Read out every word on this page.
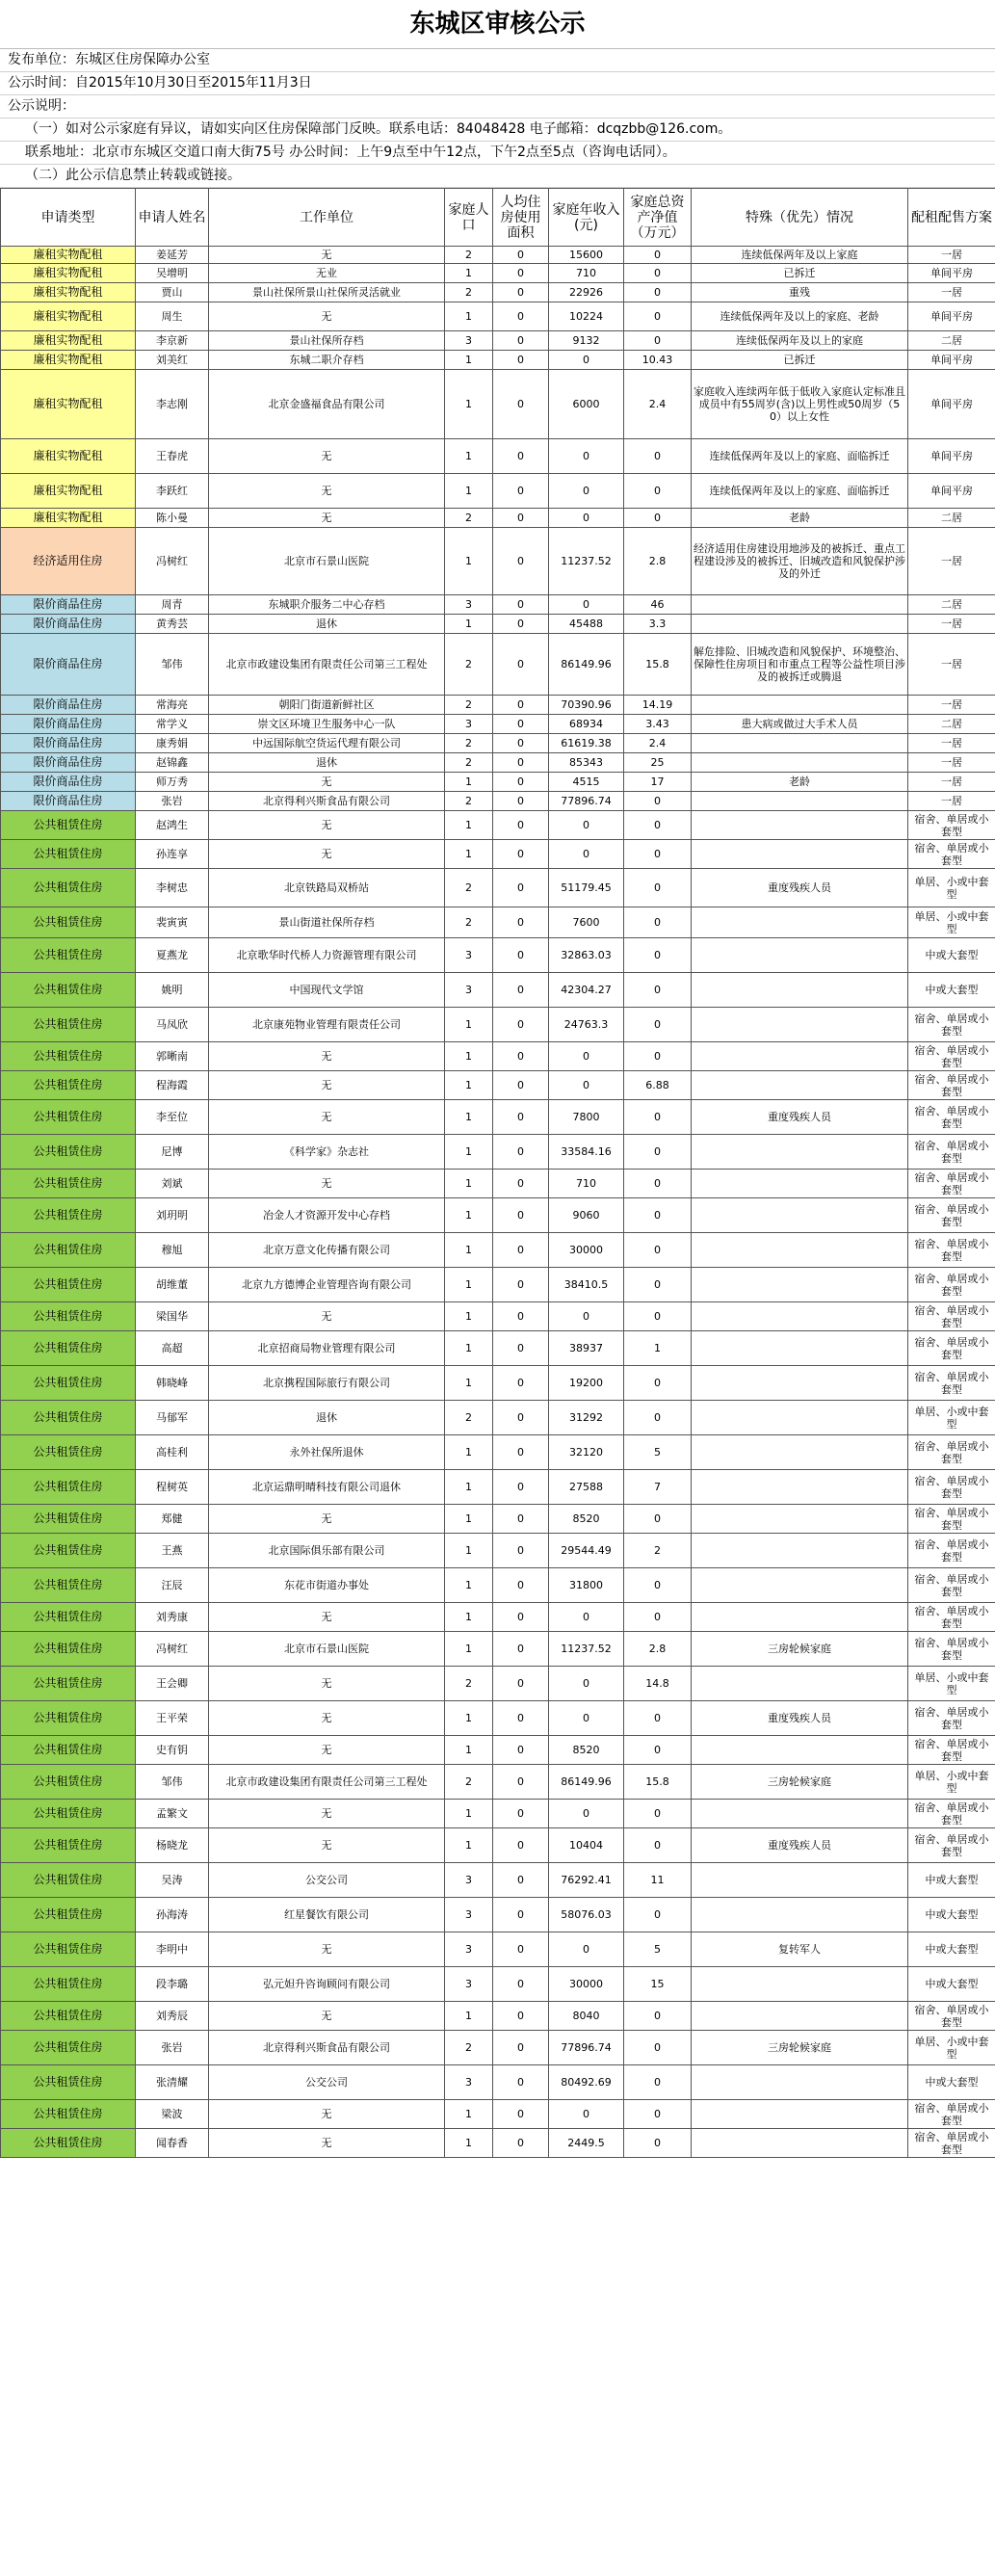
东城区审核公示
发布单位：东城区住房保障办公室
公示时间：自2015年10月30日至2015年11月3日
公示说明：
（一）如对公示家庭有异议，请如实向区住房保障部门反映。联系电话：84048428 电子邮箱：dcqzbb@126.com。
联系地址：北京市东城区交道口南大街75号 办公时间：上午9点至中午12点，下午2点至5点（咨询电话同）。
（二）此公示信息禁止转载或链接。
申请类型	申请人姓名	工作单位	家庭人口	人均住房使用面积	家庭年收入(元)	家庭总资产净值（万元）	特殊（优先）情况	配租配售方案
廉租实物配租	姜延芳	无	2	0	15600	0	连续低保两年及以上家庭	一居
廉租实物配租	吴增明	无业	1	0	710	0	已拆迁	单间平房
廉租实物配租	贾山	景山社保所景山社保所灵活就业	2	0	22926	0	重残	一居
廉租实物配租	周生	无	1	0	10224	0	连续低保两年及以上的家庭、老龄	单间平房
廉租实物配租	李京新	景山社保所存档	3	0	9132	0	连续低保两年及以上的家庭	二居
廉租实物配租	刘美红	东城二职介存档	1	0	0	10.43	已拆迁	单间平房
廉租实物配租	李志刚	北京金盛福食品有限公司	1	0	6000	2.4	家庭收入连续两年低于低收入家庭认定标准且成员中有55周岁(含)以上男性或50周岁（50）以上女性	单间平房
廉租实物配租	王春虎	无	1	0	0	0	连续低保两年及以上的家庭、面临拆迁	单间平房
廉租实物配租	李跃红	无	1	0	0	0	连续低保两年及以上的家庭、面临拆迁	单间平房
廉租实物配租	陈小曼	无	2	0	0	0	老龄	二居
经济适用住房	冯树红	北京市石景山医院	1	0	11237.52	2.8	经济适用住房建设用地涉及的被拆迁、重点工程建设涉及的被拆迁、旧城改造和风貌保护涉及的外迁	一居
限价商品住房	周青	东城职介服务二中心存档	3	0	0	46		二居
限价商品住房	黄秀芸	退休	1	0	45488	3.3		一居
限价商品住房	邹伟	北京市政建设集团有限责任公司第三工程处	2	0	86149.96	15.8	解危排险、旧城改造和风貌保护、环境整治、保障性住房项目和市重点工程等公益性项目涉及的被拆迁或腾退	一居
限价商品住房	常海亮	朝阳门街道新鲜社区	2	0	70390.96	14.19		一居
限价商品住房	常学义	崇文区环境卫生服务中心一队	3	0	68934	3.43	患大病或做过大手术人员	二居
限价商品住房	康秀娟	中远国际航空货运代理有限公司	2	0	61619.38	2.4		一居
限价商品住房	赵锦鑫	退休	2	0	85343	25		一居
限价商品住房	师万秀	无	1	0	4515	17	老龄	一居
限价商品住房	张岩	北京得利兴斯食品有限公司	2	0	77896.74	0		一居
公共租赁住房	赵鸿生	无	1	0	0	0		宿舍、单居或小套型
公共租赁住房	孙连享	无	1	0	0	0		宿舍、单居或小套型
公共租赁住房	李树忠	北京铁路局双桥站	2	0	51179.45	0	重度残疾人员	单居、小或中套型
公共租赁住房	裴寅寅	景山街道社保所存档	2	0	7600	0		单居、小或中套型
公共租赁住房	夏燕龙	北京歌华时代桥人力资源管理有限公司	3	0	32863.03	0		中或大套型
公共租赁住房	姚明	中国现代文学馆	3	0	42304.27	0		中或大套型
公共租赁住房	马凤欣	北京康苑物业管理有限责任公司	1	0	24763.3	0		宿舍、单居或小套型
公共租赁住房	郭晰南	无	1	0	0	0		宿舍、单居或小套型
公共租赁住房	程海霞	无	1	0	0	6.88		宿舍、单居或小套型
公共租赁住房	李至位	无	1	0	7800	0	重度残疾人员	宿舍、单居或小套型
公共租赁住房	尼博	《科学家》杂志社	1	0	33584.16	0		宿舍、单居或小套型
公共租赁住房	刘斌	无	1	0	710	0		宿舍、单居或小套型
公共租赁住房	刘玥明	冶金人才资源开发中心存档	1	0	9060	0		宿舍、单居或小套型
公共租赁住房	穆旭	北京万意文化传播有限公司	1	0	30000	0		宿舍、单居或小套型
公共租赁住房	胡维董	北京九方德博企业管理咨询有限公司	1	0	38410.5	0		宿舍、单居或小套型
公共租赁住房	梁国华	无	1	0	0	0		宿舍、单居或小套型
公共租赁住房	高超	北京招商局物业管理有限公司	1	0	38937	1		宿舍、单居或小套型
公共租赁住房	韩晓峰	北京携程国际旅行有限公司	1	0	19200	0		宿舍、单居或小套型
公共租赁住房	马郁军	退休	2	0	31292	0		单居、小或中套型
公共租赁住房	高桂利	永外社保所退休	1	0	32120	5		宿舍、单居或小套型
公共租赁住房	程树英	北京运鼎明晴科技有限公司退休	1	0	27588	7		宿舍、单居或小套型
公共租赁住房	郑健	无	1	0	8520	0		宿舍、单居或小套型
公共租赁住房	王燕	北京国际俱乐部有限公司	1	0	29544.49	2		宿舍、单居或小套型
公共租赁住房	汪辰	东花市街道办事处	1	0	31800	0		宿舍、单居或小套型
公共租赁住房	刘秀康	无	1	0	0	0		宿舍、单居或小套型
公共租赁住房	冯树红	北京市石景山医院	1	0	11237.52	2.8	三房轮候家庭	宿舍、单居或小套型
公共租赁住房	王会卿	无	2	0	0	14.8		单居、小或中套型
公共租赁住房	王平荣	无	1	0	0	0	重度残疾人员	宿舍、单居或小套型
公共租赁住房	史有钥	无	1	0	8520	0		宿舍、单居或小套型
公共租赁住房	邹伟	北京市政建设集团有限责任公司第三工程处	2	0	86149.96	15.8	三房轮候家庭	单居、小或中套型
公共租赁住房	孟繁文	无	1	0	0	0		宿舍、单居或小套型
公共租赁住房	杨晓龙	无	1	0	10404	0	重度残疾人员	宿舍、单居或小套型
公共租赁住房	吴涛	公交公司	3	0	76292.41	11		中或大套型
公共租赁住房	孙海涛	红星餐饮有限公司	3	0	58076.03	0		中或大套型
公共租赁住房	李明中	无	3	0	0	5	复转军人	中或大套型
公共租赁住房	段李璐	弘元妲升咨询顾问有限公司	3	0	30000	15		中或大套型
公共租赁住房	刘秀辰	无	1	0	8040	0		宿舍、单居或小套型
公共租赁住房	张岩	北京得利兴斯食品有限公司	2	0	77896.74	0	三房轮候家庭	单居、小或中套型
公共租赁住房	张清耀	公交公司	3	0	80492.69	0		中或大套型
公共租赁住房	梁波	无	1	0	0	0		宿舍、单居或小套型
公共租赁住房	闻春香	无	1	0	2449.5	0		宿舍、单居或小套型
